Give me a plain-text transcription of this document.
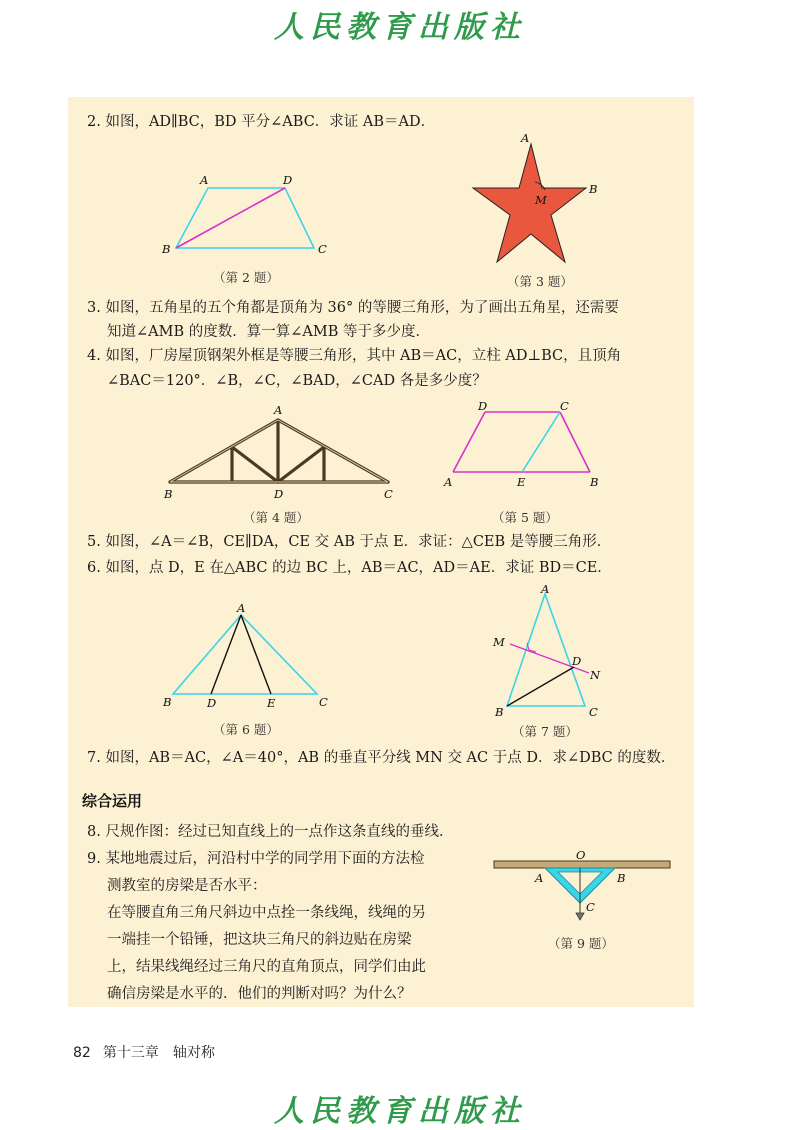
人民教育出版社
2. 如图，AD∥BC，BD 平分∠ABC．求证 AB＝AD．
A	D
B	C
（第 2 题）
A
B
M
（第 3 题）
3. 如图，五角星的五个角都是顶角为 36° 的等腰三角形，为了画出五角星，还需要
知道∠AMB 的度数．算一算∠AMB 等于多少度．
4. 如图，厂房屋顶钢架外框是等腰三角形，其中 AB＝AC，立柱 AD⊥BC，且顶角
∠BAC＝120°．∠B，∠C，∠BAD，∠CAD 各是多少度？
A
B	D	C
（第 4 题）
D	C
A	E	B
（第 5 题）
5. 如图，∠A＝∠B，CE∥DA，CE 交 AB 于点 E．求证：△CEB 是等腰三角形．
6. 如图，点 D，E 在△ABC 的边 BC 上，AB＝AC，AD＝AE．求证 BD＝CE．
A
B	D	E	C
（第 6 题）
A
M
D
N
B	C
（第 7 题）
7. 如图，AB＝AC，∠A＝40°，AB 的垂直平分线 MN 交 AC 于点 D．求∠DBC 的度数．
综合运用
8. 尺规作图：经过已知直线上的一点作这条直线的垂线．
9. 某地地震过后，河沿村中学的同学用下面的方法检
测教室的房梁是否水平：
在等腰直角三角尺斜边中点拴一条线绳，线绳的另
一端挂一个铅锤，把这块三角尺的斜边贴在房梁
上，结果线绳经过三角尺的直角顶点，同学们由此
确信房梁是水平的．他们的判断对吗？为什么？
O
A	B
C
（第 9 题）
82 第十三章　轴对称
人民教育出版社
